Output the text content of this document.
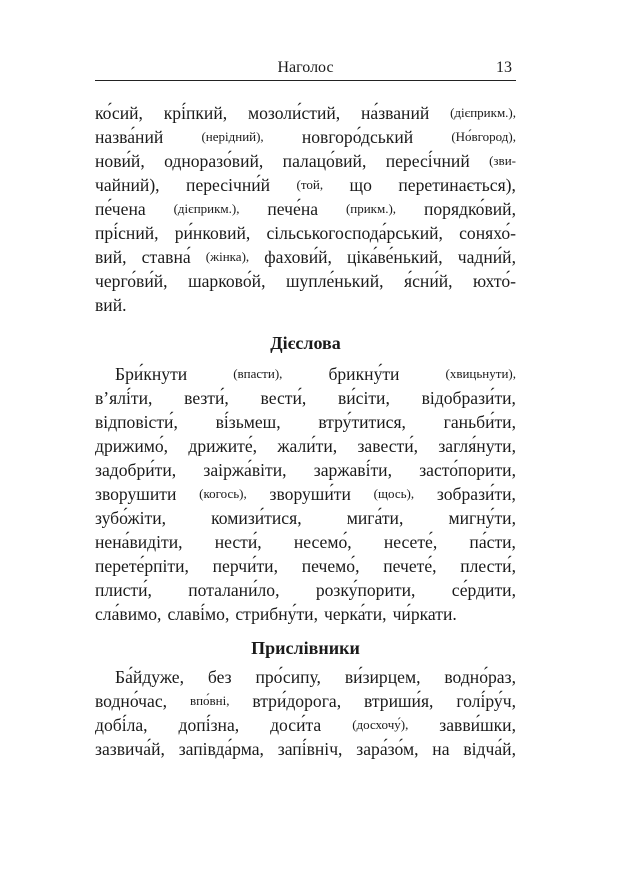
Наголос	13
ко́сий, крі́пкий, мозоли́стий, на́званий (дієприкм.),
назва́ний	(нерідний), новгоро́дський	(Но́вгород),
нови́й, одноразо́вий, палацо́вий, пересі́чний (зви-
чайний), пересічни́й (той, що перетинається),
пе́чена (дієприкм.), пече́на (прикм.), порядко́вий,
прі́сний, ри́нковий, сільськогоспода́рський, соняхо́-
вий, ставна́ (жінка), фахови́й, ціка́ве́нький, чадни́й,
черго́ви́й, шарково́й, шупле́нький, я́сни́й, юхто́-
вий.
Дієслова
Бри́кнути	(впасти),	брикну́ти	(хвицьнути),
в’ялі́ти, везти́, вести́, ви́сіти, відобрази́ти,
відповісти́, ві́зьмеш, втру́титися, ганьби́ти,
дрижимо́, дрижите́, жали́ти, завести́, загля́нути,
задобри́ти, заіржа́віти, заржаві́ти, засто́порити,
зворушити (когось), зворуши́ти (щось), зобрази́ти,
зубо́жіти,	комизи́тися,	мига́ти,	мигну́ти,
нена́видіти, нести́, несемо́, несете́, па́сти,
перете́рпіти, перчи́ти, печемо́, печете́, плести́,
плисти́, поталани́ло, розку́порити, се́рдити,
сла́вимо, славі́мо, стрибну́ти, черка́ти, чи́ркати.
Прислівники
Ба́йдуже, без про́сипу, ви́зирцем, водно́раз,
водно́час, впо́вні, втри́дорога, втриши́я, голі́ру́ч,
добі́ла, допі́зна, доси́та (досхочу́), завви́шки,
зазвича́й, запівда́рма, запі́вніч, зара́зо́м, на відча́й,
